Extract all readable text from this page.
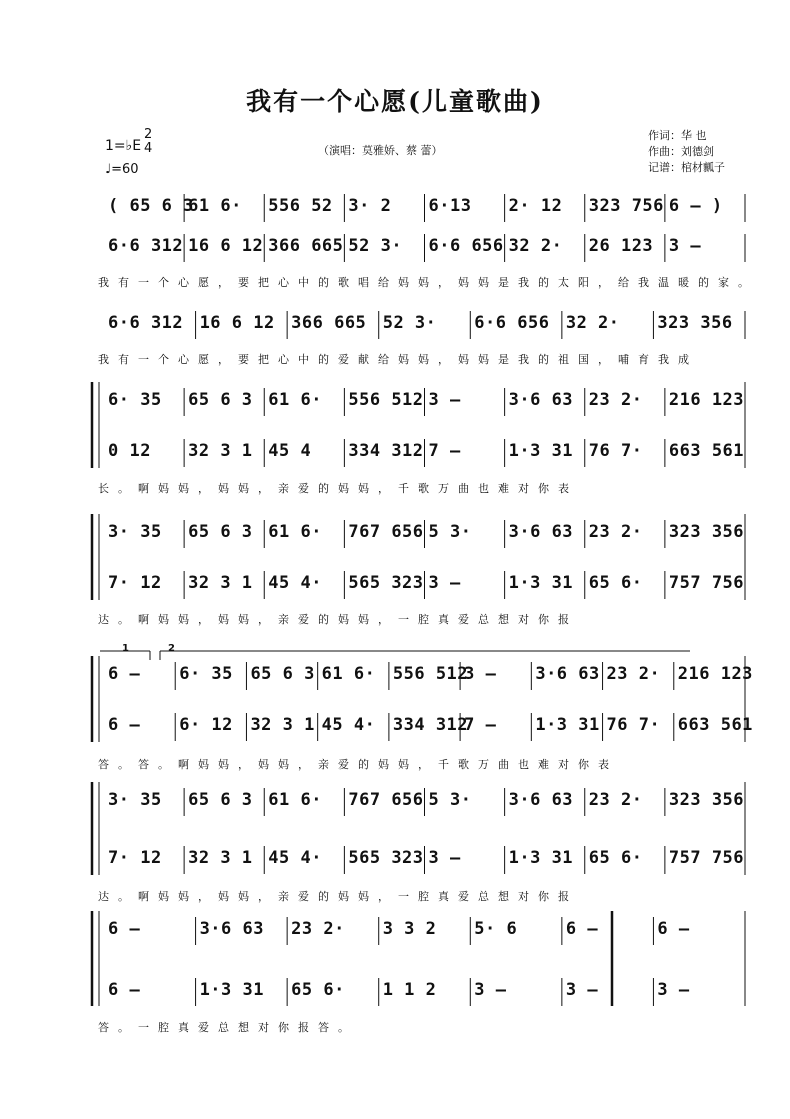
我有一个心愿(儿童歌曲)
1=♭E
2
4
♩=60
（演唱：莫雅娇、蔡 蕾）
作词：华 也
作曲：刘德剑
记谱：棺材瓤子
( 65 6 3
61 6·	556 52 3· 2	6·13	2· 12	323 756 6 – )
6·6 312 16 6 12 366 665 52 3·	6·6 656 32 2·	26 123 3 –
我有一个心愿，要把心中的歌唱给妈妈，妈妈是我的太阳，给我温暖的家。
6·6 312 16 6 12 366 665 52 3·	6·6 656 32 2·	323 356
我有一个心愿，要把心中的爱献给妈妈，妈妈是我的祖国，哺育我成
6· 35	65 6 3 61 6·	556 512 3 –	3·6 63 23 2·	216 123
0 12	32 3 1 45 4	334 312 7 –	1·3 31 76 7·	663 561
长。啊妈妈，妈妈，亲爱的妈妈，千歌万曲也难对你表
3· 35	65 6 3 61 6·	767 656 5 3·	3·6 63 23 2·	323 356
7· 12	32 3 1 45 4·	565 323 3 –	1·3 31 65 6·	757 756
达。啊妈妈，妈妈，亲爱的妈妈，一腔真爱总想对你报
6 –	6· 35	65 6 3 61 6·	556 512
3 –	3·6 63 23 2·	216 123
6 –	6· 12	32 3 1 45 4·	334 312
7 –	1·3 31 76 7·	663 561
答。答。啊妈妈，妈妈，亲爱的妈妈，千歌万曲也难对你表
3· 35	65 6 3 61 6·	767 656 5 3·	3·6 63 23 2·	323 356
7· 12	32 3 1 45 4·	565 323 3 –	1·3 31 65 6·	757 756
达。啊妈妈，妈妈，亲爱的妈妈，一腔真爱总想对你报
6 –	3·6 63	23 2·	3 3 2	5· 6	6 –	6 –
6 –	1·3 31	65 6·	1 1 2	3 –	3 –	3 –
答。一腔真爱总想对你报答。
1	2
